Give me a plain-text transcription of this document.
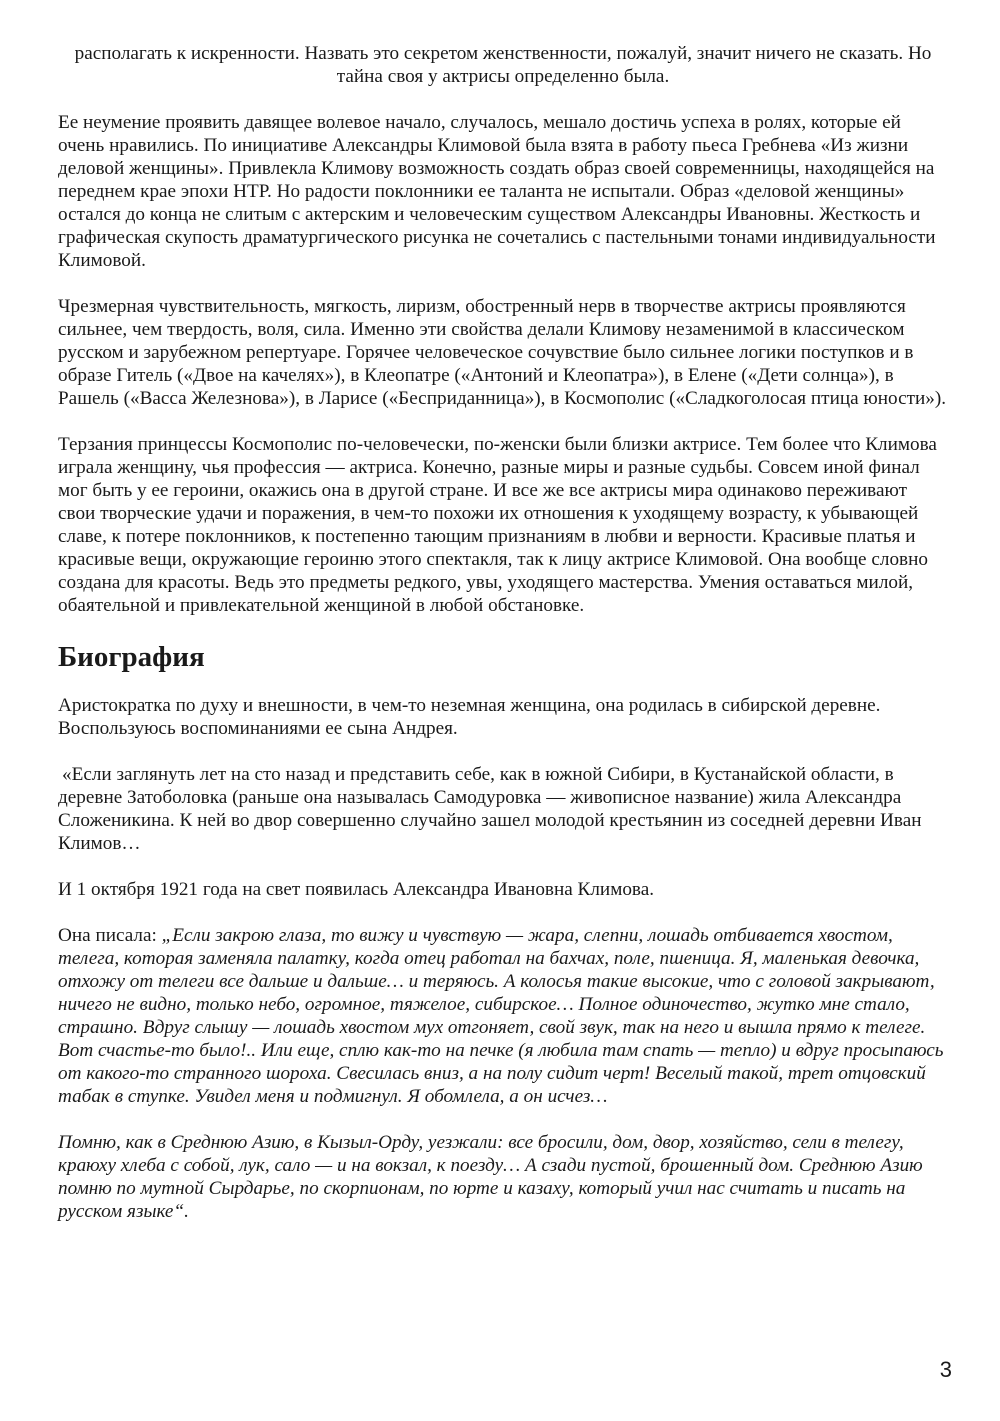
располагать к искренности. Назвать это секретом женственности, пожалуй, значит ничего не сказать. Но тайна своя у актрисы определенно была.

Ее неумение проявить давящее волевое начало, случалось, мешало достичь успеха в ролях, которые ей очень нравились. По инициативе Александры Климовой была взята в работу пьеса Гребнева «Из жизни деловой женщины». Привлекла Климову возможность создать образ своей современницы, находящейся на переднем крае эпохи НТР. Но радости поклонники ее таланта не испытали. Образ «деловой женщины» остался до конца не слитым с актерским и человеческим существом Александры Ивановны. Жесткость и графическая скупость драматургического рисунка не сочетались с пастельными тонами индивидуальности Климовой.

Чрезмерная чувствительность, мягкость, лиризм, обостренный нерв в творчестве актрисы проявляются сильнее, чем твердость, воля, сила. Именно эти свойства делали Климову незаменимой в классическом русском и зарубежном репертуаре. Горячее человеческое сочувствие было сильнее логики поступков и в образе Гитель («Двое на качелях»), в Клеопатре («Антоний и Клеопатра»), в Елене («Дети солнца»), в Рашель («Васса Железнова»), в Ларисе («Бесприданница»), в Космополис («Сладкоголосая птица юности»).

Терзания принцессы Космополис по-человечески, по-женски были близки актрисе. Тем более что Климова играла женщину, чья профессия — актриса. Конечно, разные миры и разные судьбы. Совсем иной финал мог быть у ее героини, окажись она в другой стране. И все же все актрисы мира одинаково переживают свои творческие удачи и поражения, в чем-то похожи их отношения к уходящему возрасту, к убывающей славе, к потере поклонников, к постепенно тающим признаниям в любви и верности. Красивые платья и красивые вещи, окружающие героиню этого спектакля, так к лицу актрисе Климовой. Она вообще словно создана для красоты. Ведь это предметы редкого, увы, уходящего мастерства. Умения оставаться милой, обаятельной и привлекательной женщиной в любой обстановке.

Биография

Аристократка по духу и внешности, в чем-то неземная женщина, она родилась в сибирской деревне. Воспользуюсь воспоминаниями ее сына Андрея.

«Если заглянуть лет на сто назад и представить себе, как в южной Сибири, в Кустанайской области, в деревне Затоболовка (раньше она называлась Самодуровка — живописное название) жила Александра Сложеникина. К ней во двор совершенно случайно зашел молодой крестьянин из соседней деревни Иван Климов…

И 1 октября 1921 года на свет появилась Александра Ивановна Климова.

Она писала: „Если закрою глаза, то вижу и чувствую — жара, слепни, лошадь отбивается хвостом, телега, которая заменяла палатку, когда отец работал на бахчах, поле, пшеница. Я, маленькая девочка, отхожу от телеги все дальше и дальше… и теряюсь. А колосья такие высокие, что с головой закрывают, ничего не видно, только небо, огромное, тяжелое, сибирское… Полное одиночество, жутко мне стало, страшно. Вдруг слышу — лошадь хвостом мух отгоняет, свой звук, так на него и вышла прямо к телеге. Вот счастье-то было!.. Или еще, сплю как-то на печке (я любила там спать — тепло) и вдруг просыпаюсь от какого-то странного шороха. Свесилась вниз, а на полу сидит черт! Веселый такой, трет отцовский табак в ступке. Увидел меня и подмигнул. Я обомлела, а он исчез…

Помню, как в Среднюю Азию, в Кызыл-Орду, уезжали: все бросили, дом, двор, хозяйство, сели в телегу, краюху хлеба с собой, лук, сало — и на вокзал, к поезду… А сзади пустой, брошенный дом. Среднюю Азию помню по мутной Сырдарье, по скорпионам, по юрте и казаху, который учил нас считать и писать на русском языке“.

3
